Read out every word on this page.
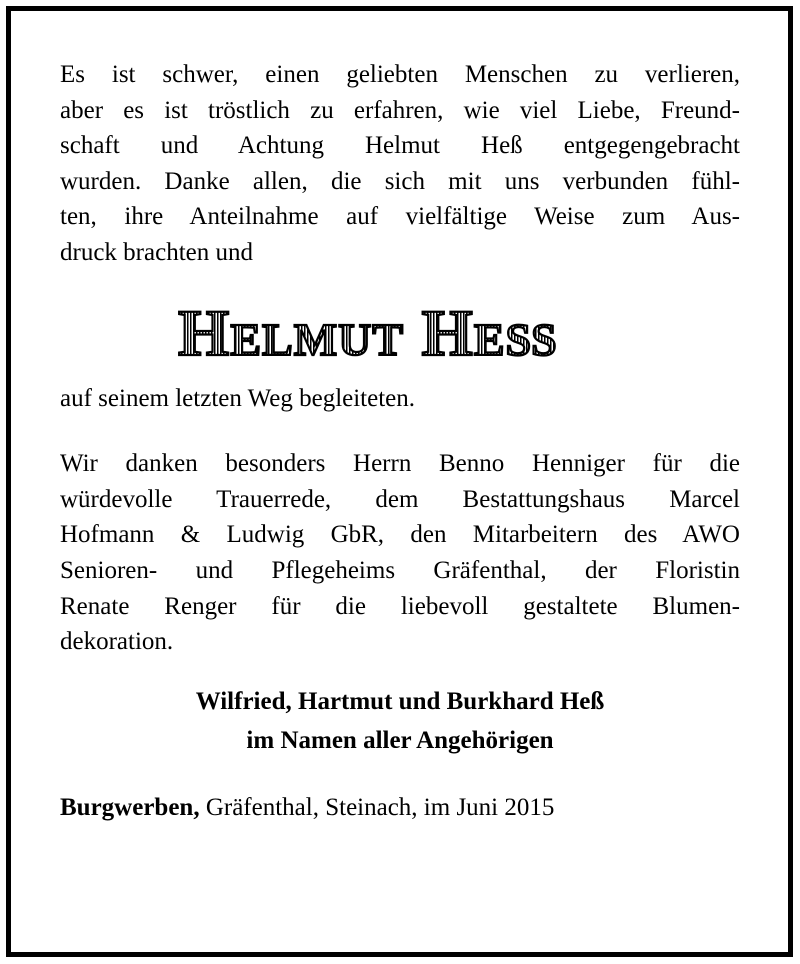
Es ist schwer, einen geliebten Menschen zu verlieren,
aber es ist tröstlich zu erfahren, wie viel Liebe, Freund-
schaft und Achtung Helmut Heß entgegengebracht
wurden. Danke allen, die sich mit uns verbunden fühl-
ten, ihre Anteilnahme auf vielfältige Weise zum Aus-
druck brachten und
Helmut Heß
auf seinem letzten Weg begleiteten.
Wir danken besonders Herrn Benno Henniger für die
würdevolle Trauerrede, dem Bestattungshaus Marcel
Hofmann & Ludwig GbR, den Mitarbeitern des AWO
Senioren- und Pflegeheims Gräfenthal, der Floristin
Renate Renger für die liebevoll gestaltete Blumen-
dekoration.
Wilfried, Hartmut und Burkhard Heß
im Namen aller Angehörigen
Burgwerben, Gräfenthal, Steinach, im Juni 2015
